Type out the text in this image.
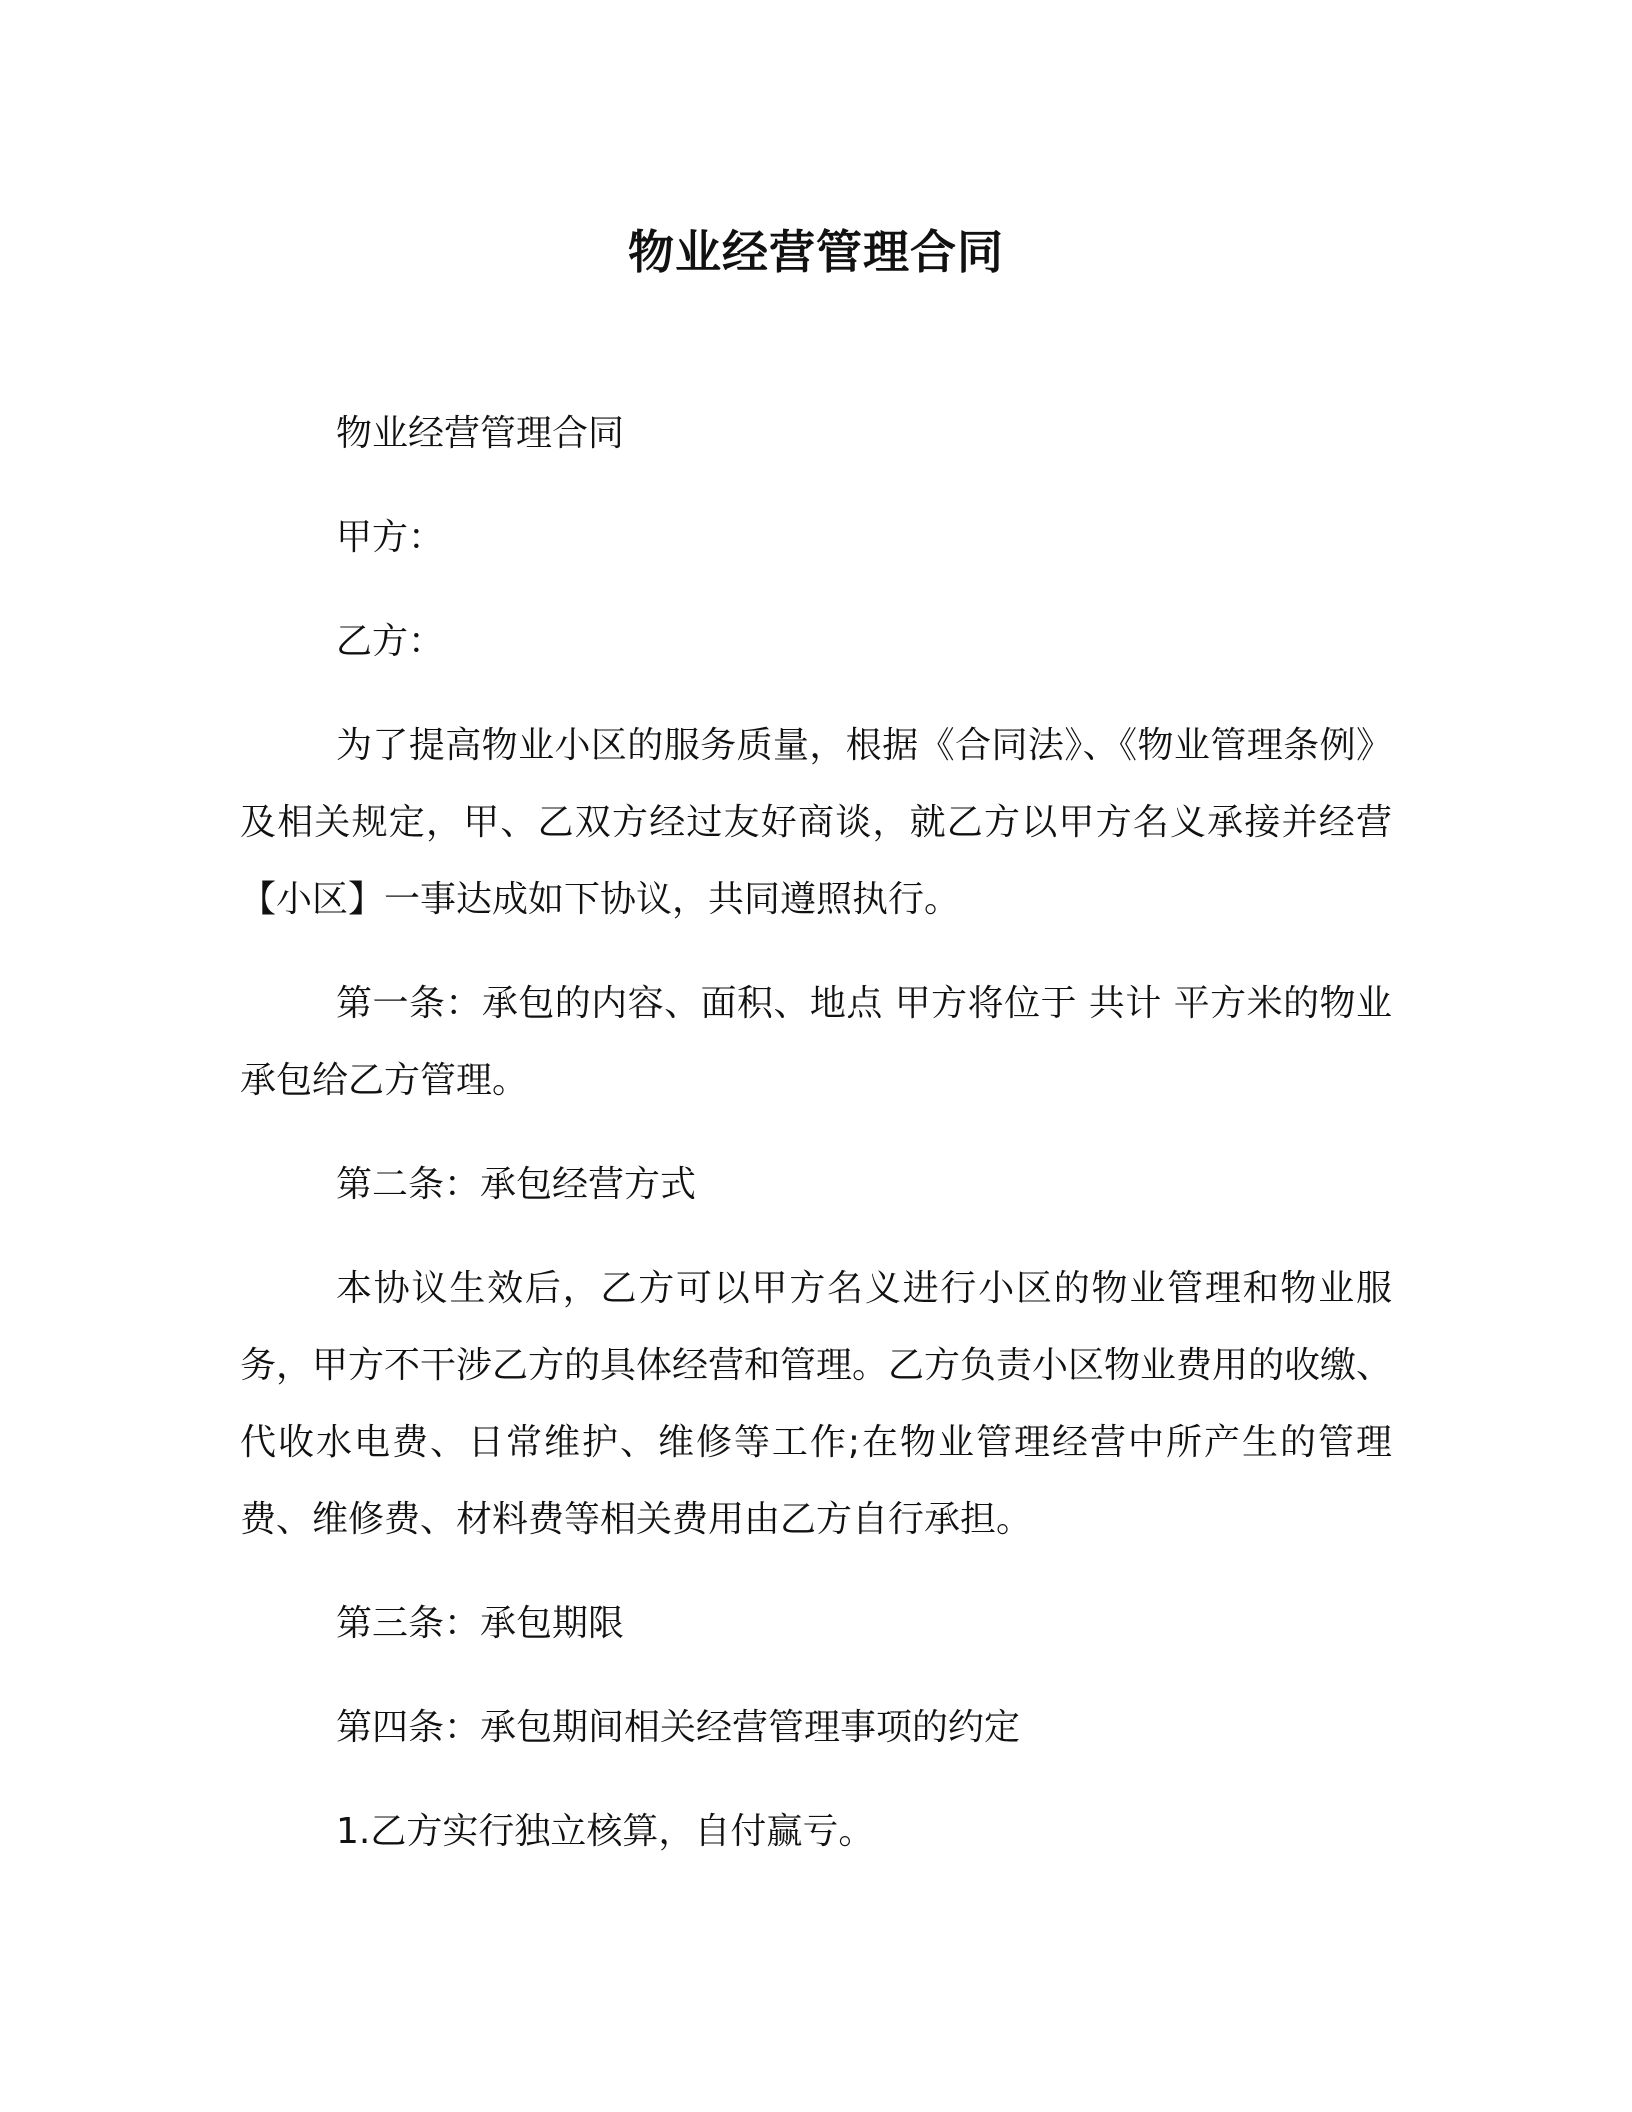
物业经营管理合同

物业经营管理合同

甲方：

乙方：

为了提高物业小区的服务质量，根据《合同法》、《物业管理条例》及相关规定，甲、乙双方经过友好商谈，就乙方以甲方名义承接并经营【小区】一事达成如下协议，共同遵照执行。

第一条：承包的内容、面积、地点 甲方将位于 共计 平方米的物业承包给乙方管理。

第二条：承包经营方式

本协议生效后，乙方可以甲方名义进行小区的物业管理和物业服务，甲方不干涉乙方的具体经营和管理。乙方负责小区物业费用的收缴、代收水电费、日常维护、维修等工作;在物业管理经营中所产生的管理费、维修费、材料费等相关费用由乙方自行承担。

第三条：承包期限

第四条：承包期间相关经营管理事项的约定

1.乙方实行独立核算，自付赢亏。
